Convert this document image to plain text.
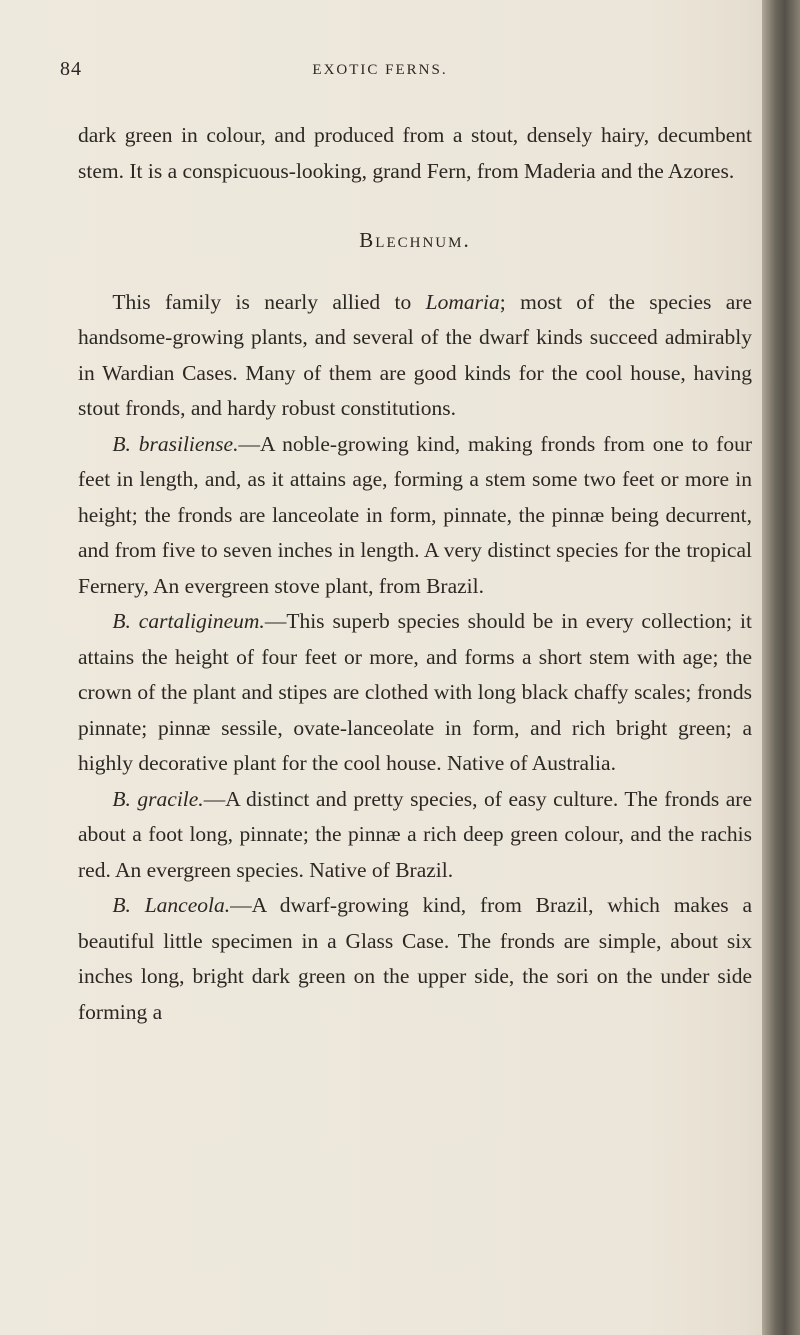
84	EXOTIC FERNS.

dark green in colour, and produced from a stout, densely hairy, decumbent stem. It is a conspicuous-looking, grand Fern, from Maderia and the Azores.

Blechnum.

This family is nearly allied to Lomaria; most of the species are handsome-growing plants, and several of the dwarf kinds succeed admirably in Wardian Cases. Many of them are good kinds for the cool house, having stout fronds, and hardy robust constitutions.

B. brasiliense.—A noble-growing kind, making fronds from one to four feet in length, and, as it attains age, forming a stem some two feet or more in height; the fronds are lanceolate in form, pinnate, the pinnæ being decurrent, and from five to seven inches in length. A very distinct species for the tropical Fernery, An evergreen stove plant, from Brazil.

B. cartaligineum.—This superb species should be in every collection; it attains the height of four feet or more, and forms a short stem with age; the crown of the plant and stipes are clothed with long black chaffy scales; fronds pinnate; pinnæ sessile, ovate-lanceolate in form, and rich bright green; a highly decorative plant for the cool house. Native of Australia.

B. gracile.—A distinct and pretty species, of easy culture. The fronds are about a foot long, pinnate; the pinnæ a rich deep green colour, and the rachis red. An evergreen species. Native of Brazil.

B. Lanceola.—A dwarf-growing kind, from Brazil, which makes a beautiful little specimen in a Glass Case. The fronds are simple, about six inches long, bright dark green on the upper side, the sori on the under side forming a
